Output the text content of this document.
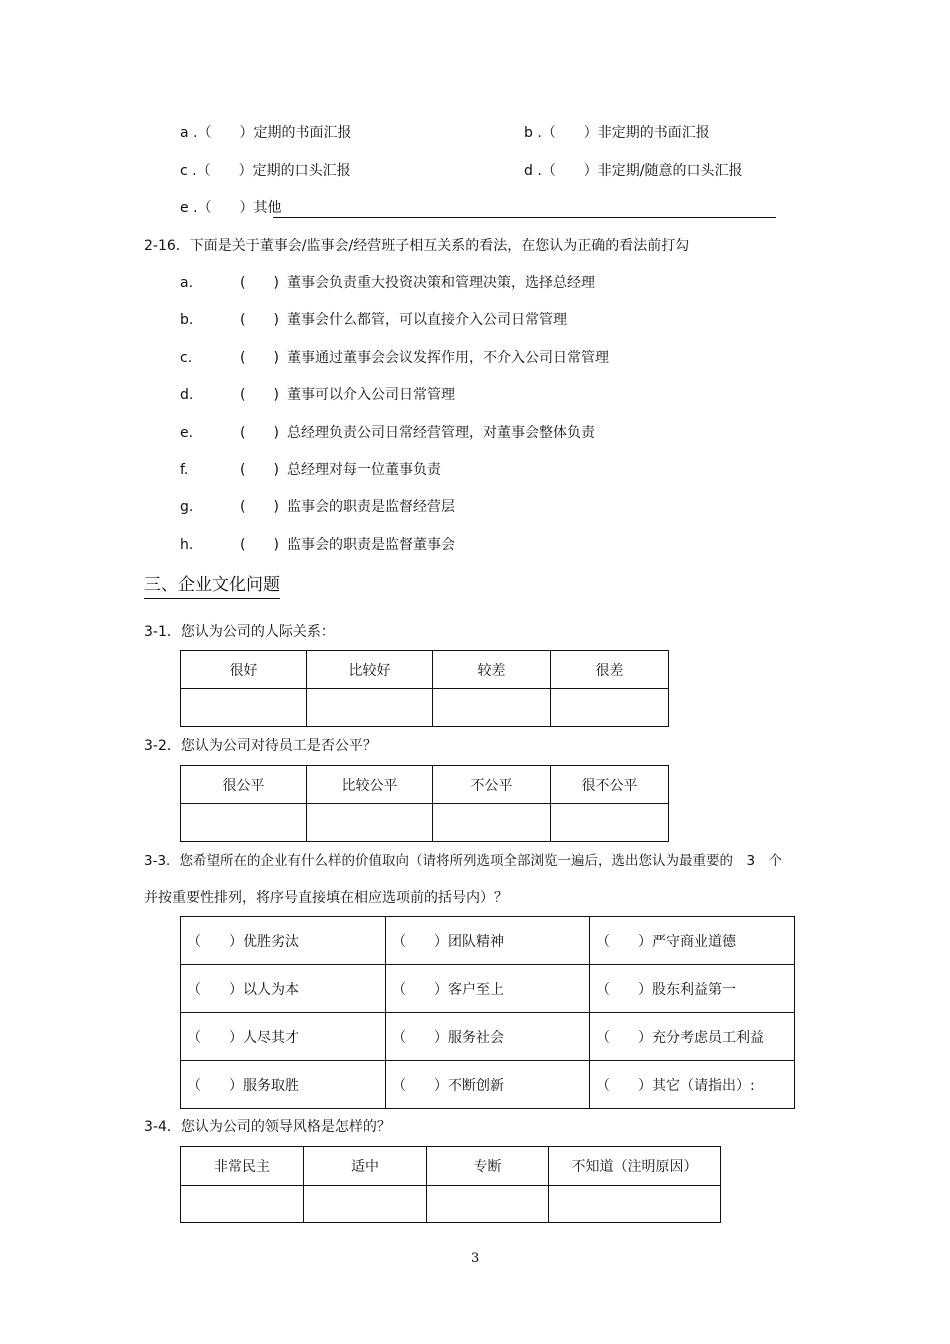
a .（　　）定期的书面汇报	b .（　　）非定期的书面汇报
c .（　　）定期的口头汇报	d .（　　）非定期/随意的口头汇报
e .（　　）其他
2-16．下面是关于董事会/监事会/经营班子相互关系的看法，在您认为正确的看法前打勾
a.	(　　) 董事会负责重大投资决策和管理决策，选择总经理
b.	(　　) 董事会什么都管，可以直接介入公司日常管理
c.	(　　) 董事通过董事会会议发挥作用，不介入公司日常管理
d.	(　　) 董事可以介入公司日常管理
e.	(　　) 总经理负责公司日常经营管理，对董事会整体负责
f.	(　　) 总经理对每一位董事负责
g.	(　　) 监事会的职责是监督经营层
h.	(　　) 监事会的职责是监督董事会
三、企业文化问题
3-1．您认为公司的人际关系：
很好	比较好	较差	很差

3-2．您认为公司对待员工是否公平？
很公平	比较公平	不公平	很不公平

3-3．您希望所在的企业有什么样的价值取向（请将所列选项全部浏览一遍后，选出您认为最重要的　3　个
并按重要性排列，将序号直接填在相应选项前的括号内）？
（　　）优胜劣汰	（　　）团队精神	（　　）严守商业道德
（　　）以人为本	（　　）客户至上	（　　）股东利益第一
（　　）人尽其才	（　　）服务社会	（　　）充分考虑员工利益
（　　）服务取胜	（　　）不断创新	（　　）其它（请指出）:
3-4．您认为公司的领导风格是怎样的？
非常民主	适中	专断	不知道（注明原因）

3
